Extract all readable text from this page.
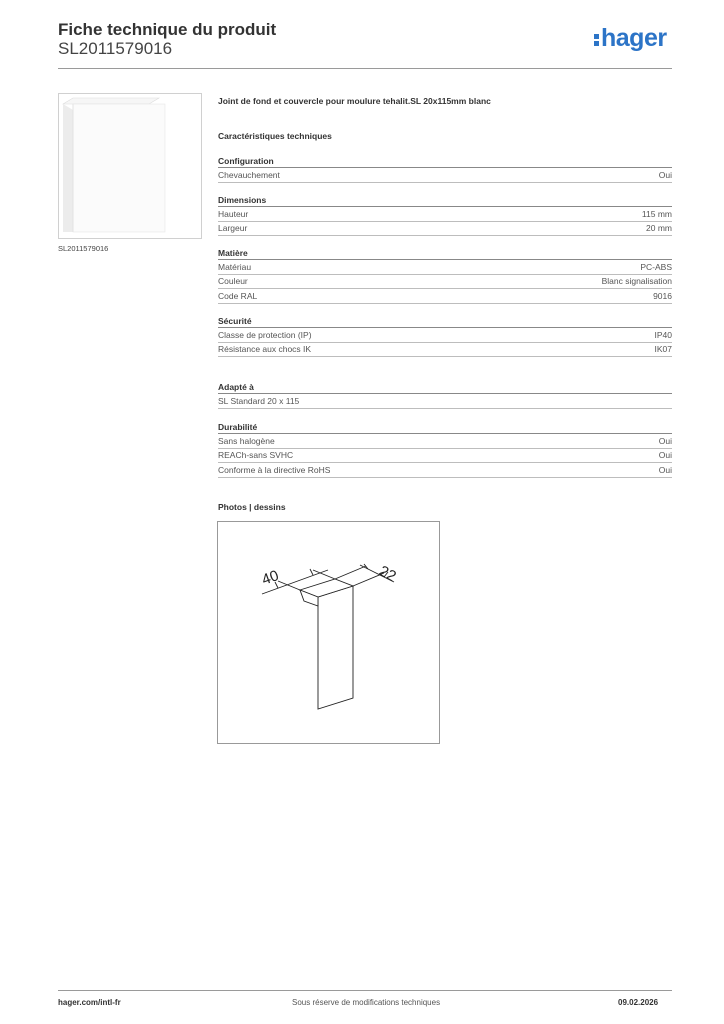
Fiche technique du produit
SL2011579016	hager
SL2011579016
Joint de fond et couvercle pour moulure tehalit.SL 20x115mm blanc
Caractéristiques techniques
Configuration
Chevauchement	Oui
Dimensions
Hauteur	115 mm
Largeur	20 mm
Matière
Matériau	PC-ABS
Couleur	Blanc signalisation
Code RAL	9016
Sécurité
Classe de protection (IP)	IP40
Résistance aux chocs IK	IK07
Adapté à
SL Standard 20 x 115
Durabilité
Sans halogène	Oui
REACh-sans SVHC	Oui
Conforme à la directive RoHS	Oui
Photos | dessins
40	22
hager.com/intl-fr	Sous réserve de modifications techniques	09.02.2026
